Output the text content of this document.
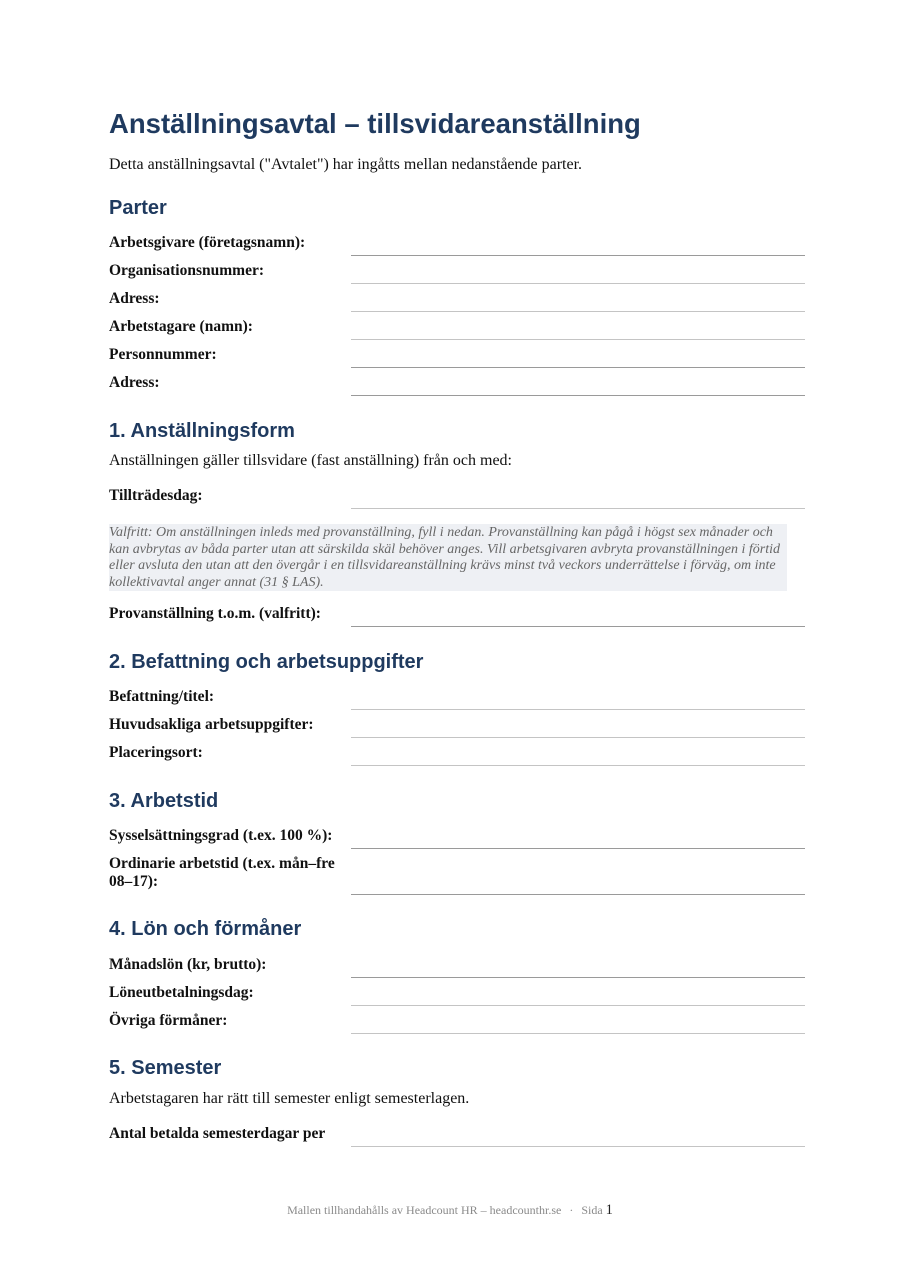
Anställningsavtal – tillsvidareanställning

Detta anställningsavtal ("Avtalet") har ingåtts mellan nedanstående parter.

Parter
Arbetsgivare (företagsnamn):
Organisationsnummer:
Adress:
Arbetstagare (namn):
Personnummer:
Adress:
1. Anställningsform

Anställningen gäller tillsvidare (fast anställning) från och med:

Tillträdesdag:
Valfritt: Om anställningen inleds med provanställning, fyll i nedan. Provanställning kan pågå i högst sex månader och kan avbrytas av båda parter utan att särskilda skäl behöver anges. Vill arbetsgivaren avbryta provanställningen i förtid eller avsluta den utan att den övergår i en tillsvidareanställning krävs minst två veckors underrättelse i förväg, om inte kollektivavtal anger annat (31 § LAS).
Provanställning t.o.m. (valfritt):
2. Befattning och arbetsuppgifter
Befattning/titel:
Huvudsakliga arbetsuppgifter:
Placeringsort:
3. Arbetstid
Sysselsättningsgrad (t.ex. 100 %):
Ordinarie arbetstid (t.ex. mån–fre 08–17):
4. Lön och förmåner
Månadslön (kr, brutto):
Löneutbetalningsdag:
Övriga förmåner:
5. Semester

Arbetstagaren har rätt till semester enligt semesterlagen.

Antal betalda semesterdagar per
Mallen tillhandahålls av Headcount HR – headcounthr.se · Sida 1
